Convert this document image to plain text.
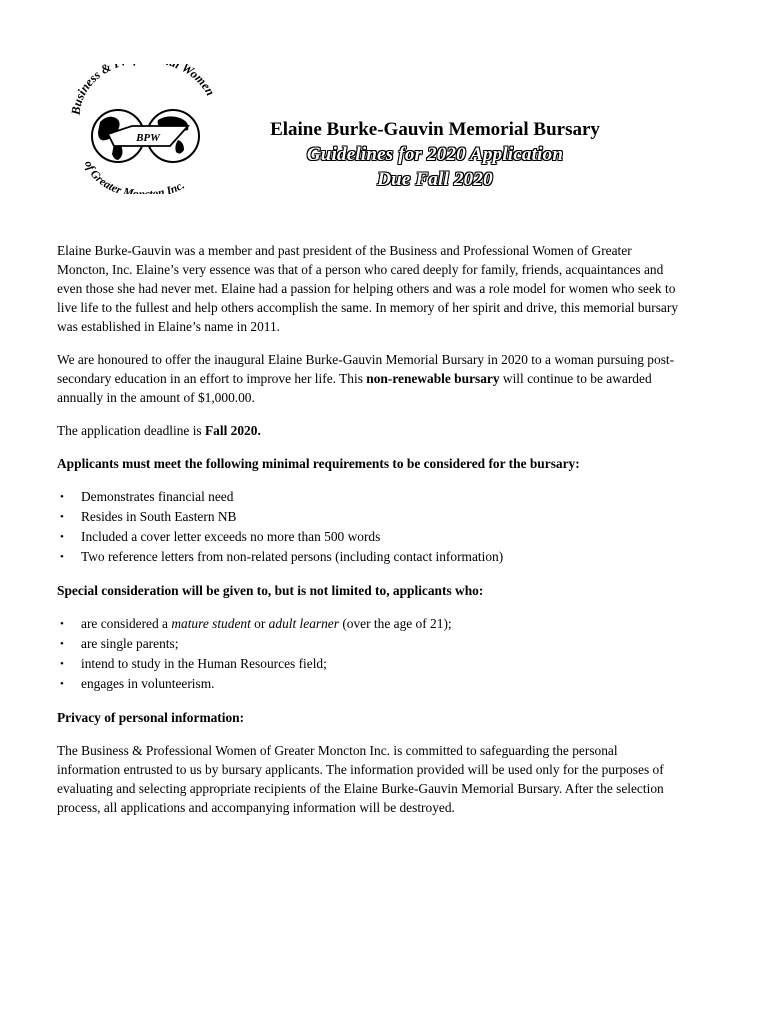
Business & l Women
of Greater M n Inc.
BPW	Elaine Burke-Gauvin Memorial Bursary

Guidelines for 2020 Application

Due Fall 2020

Elaine Burke-Gauvin was a member and past president of the Business and Professional Women of Greater Moncton, Inc. Elaine’s very essence was that of a person who cared deeply for family, friends, acquaintances and even those she had never met. Elaine had a passion for helping others and was a role model for women who seek to live life to the fullest and help others accomplish the same. In memory of her spirit and drive, this memorial bursary was established in Elaine’s name in 2011.

We are honoured to offer the inaugural Elaine Burke-Gauvin Memorial Bursary in 2020 to a woman pursuing post-secondary education in an effort to improve her life. This non-renewable bursary will continue to be awarded annually in the amount of $1,000.00.

The application deadline is Fall 2020.

Applicants must meet the following minimal requirements to be considered for the bursary:

• Demonstrates financial need
• Resides in South Eastern NB
• Included a cover letter exceeds no more than 500 words
• Two reference letters from non-related persons (including contact information)

Special consideration will be given to, but is not limited to, applicants who:

• are considered a mature student or adult learner (over the age of 21);
• are single parents;
• intend to study in the Human Resources field;
• engages in volunteerism.

Privacy of personal information:

The Business & Professional Women of Greater Moncton Inc. is committed to safeguarding the personal information entrusted to us by bursary applicants. The information provided will be used only for the purposes of evaluating and selecting appropriate recipients of the Elaine Burke-Gauvin Memorial Bursary. After the selection process, all applications and accompanying information will be destroyed.
